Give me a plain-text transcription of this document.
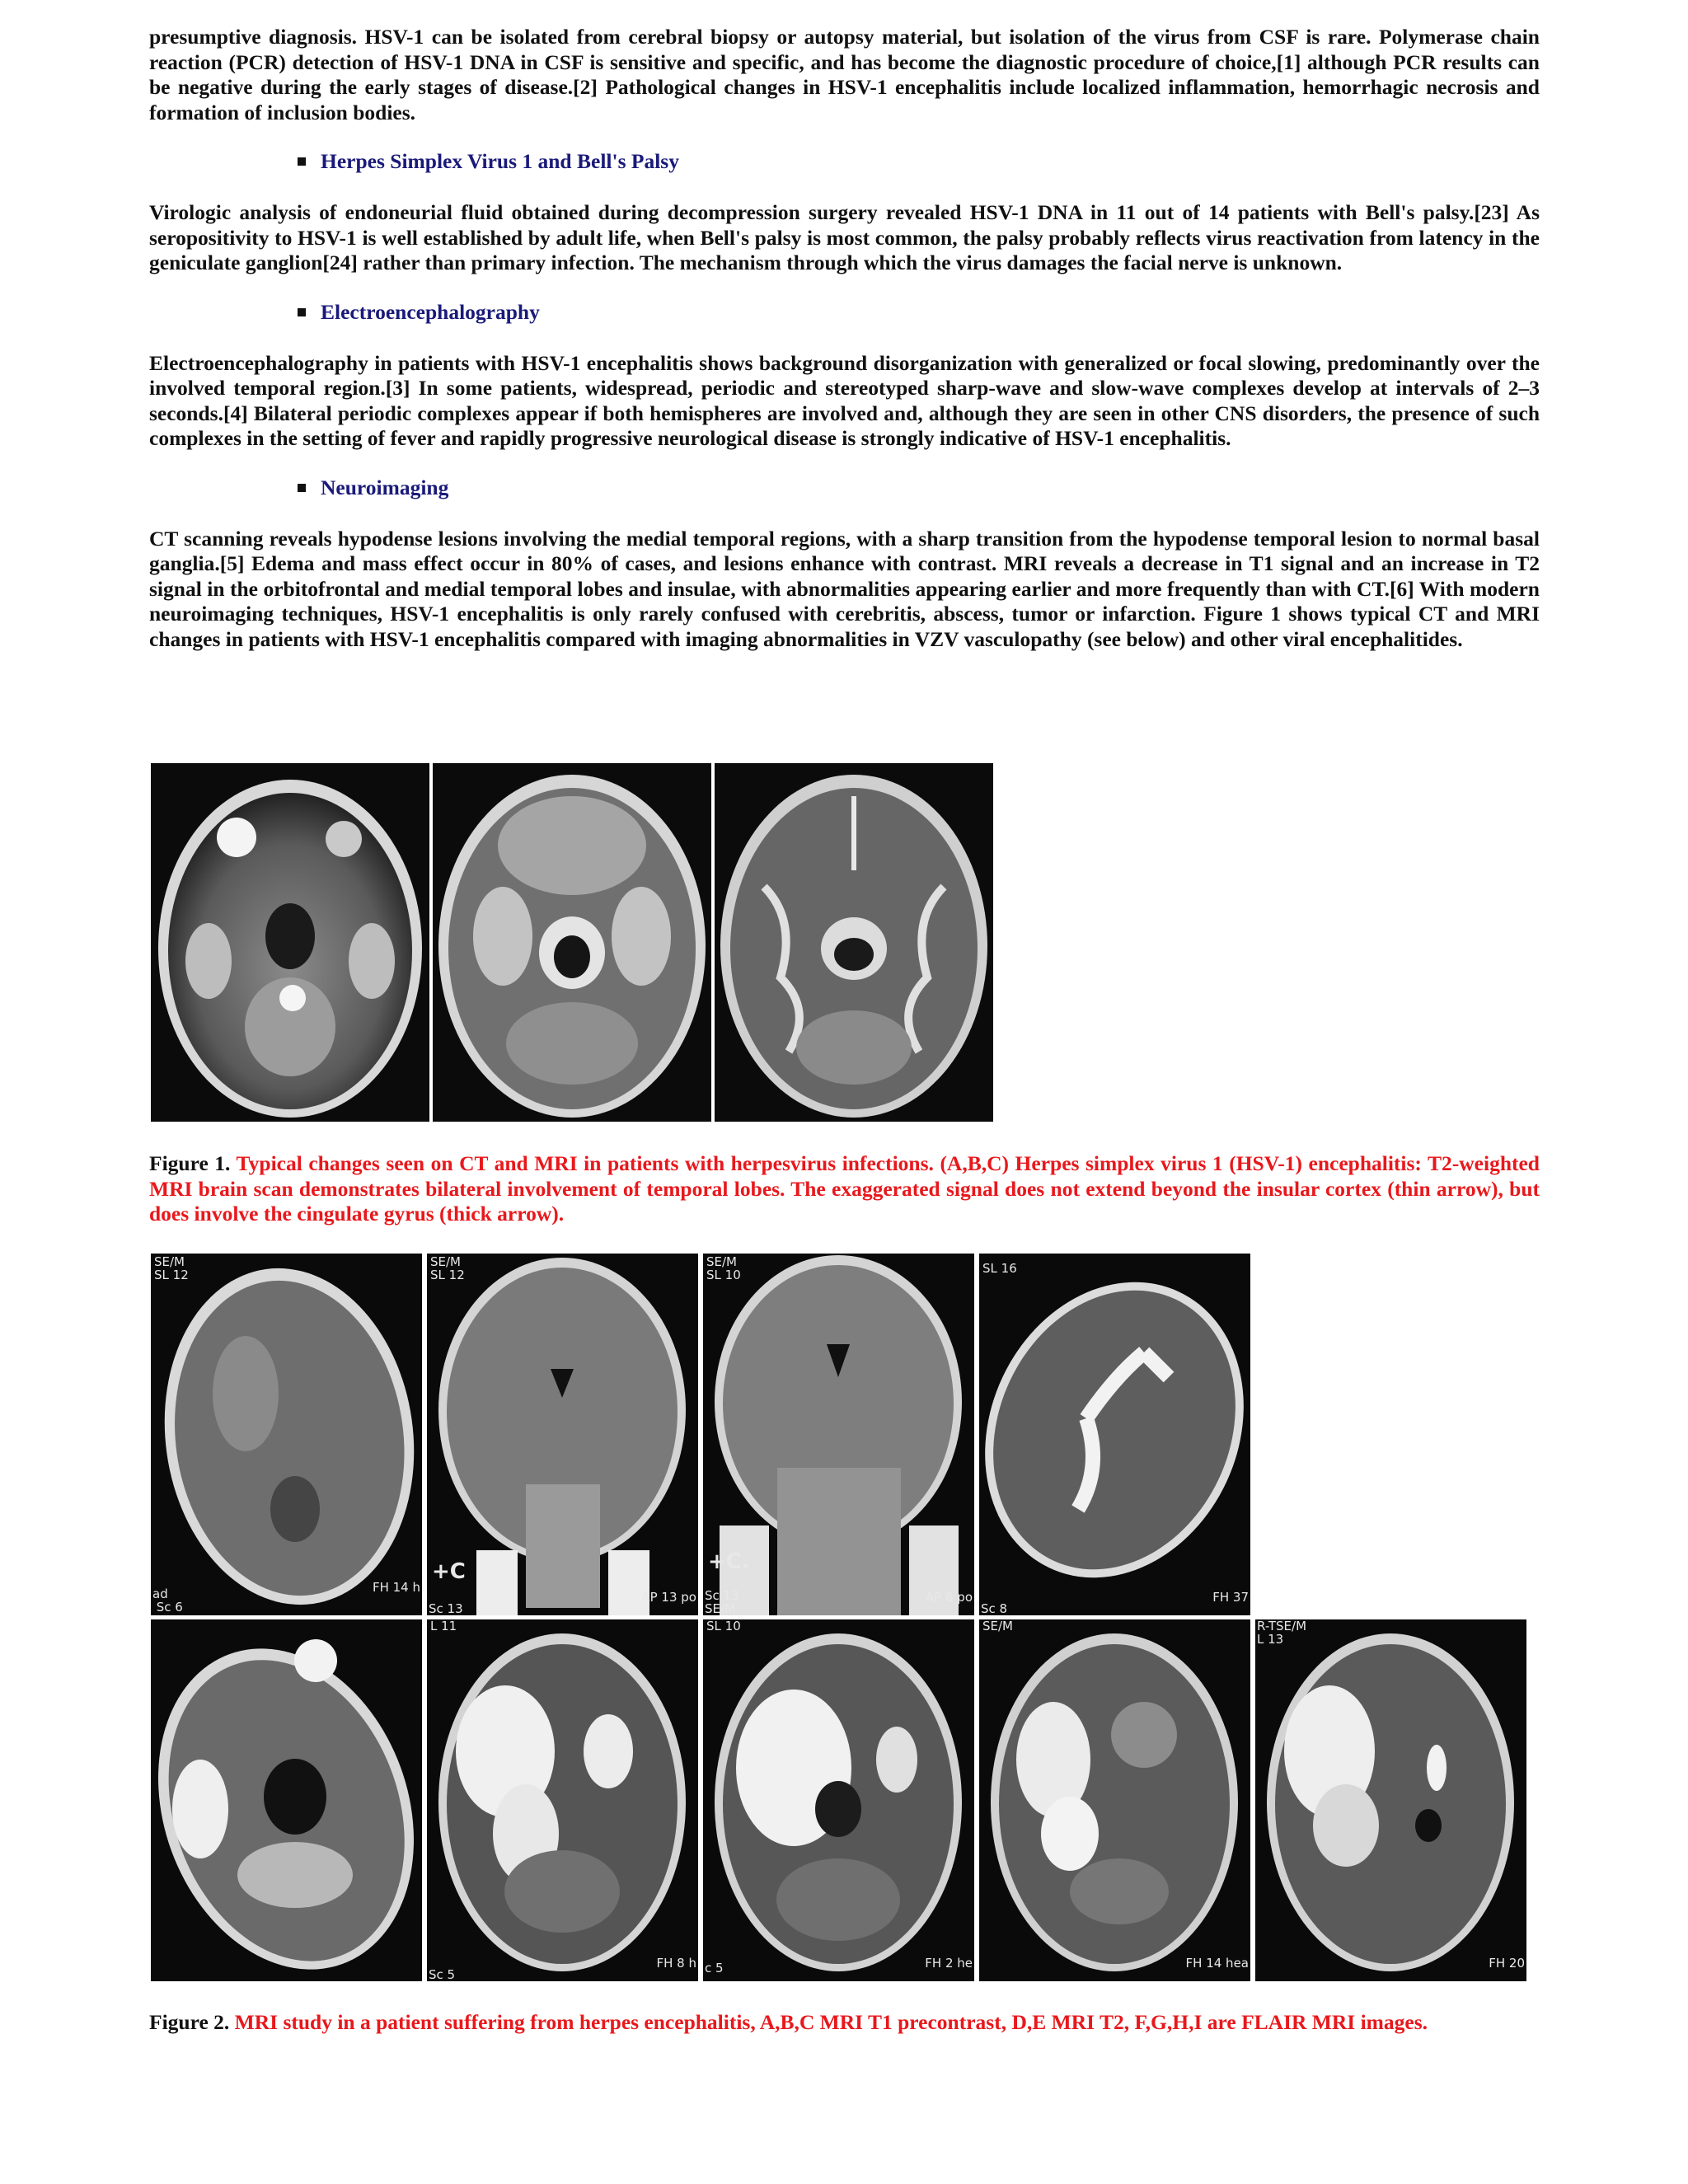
presumptive diagnosis. HSV-1 can be isolated from cerebral biopsy or autopsy material, but isolation of the virus from CSF is rare. Polymerase chain reaction (PCR) detection of HSV-1 DNA in CSF is sensitive and specific, and has become the diagnostic procedure of choice,[1] although PCR results can be negative during the early stages of disease.[2] Pathological changes in HSV-1 encephalitis include localized inflammation, hemorrhagic necrosis and formation of inclusion bodies.

Herpes Simplex Virus 1 and Bell's Palsy

Virologic analysis of endoneurial fluid obtained during decompression surgery revealed HSV-1 DNA in 11 out of 14 patients with Bell's palsy.[23] As seropositivity to HSV-1 is well established by adult life, when Bell's palsy is most common, the palsy probably reflects virus reactivation from latency in the geniculate ganglion[24] rather than primary infection. The mechanism through which the virus damages the facial nerve is unknown.

Electroencephalography

Electroencephalography in patients with HSV-1 encephalitis shows background disorganization with generalized or focal slowing, predominantly over the involved temporal region.[3] In some patients, widespread, periodic and stereotyped sharp-wave and slow-wave complexes develop at intervals of 2–3 seconds.[4] Bilateral periodic complexes appear if both hemispheres are involved and, although they are seen in other CNS disorders, the presence of such complexes in the setting of fever and rapidly progressive neurological disease is strongly indicative of HSV-1 encephalitis.

Neuroimaging

CT scanning reveals hypodense lesions involving the medial temporal regions, with a sharp transition from the hypodense temporal lesion to normal basal ganglia.[5] Edema and mass effect occur in 80% of cases, and lesions enhance with contrast. MRI reveals a decrease in T1 signal and an increase in T2 signal in the orbitofrontal and medial temporal lobes and insulae, with abnormalities appearing earlier and more frequently than with CT.[6] With modern neuroimaging techniques, HSV-1 encephalitis is only rarely confused with cerebritis, abscess, tumor or infarction. Figure 1 shows typical CT and MRI changes in patients with HSV-1 encephalitis compared with imaging abnormalities in VZV vasculopathy (see below) and other viral encephalitides.

Figure 1. Typical changes seen on CT and MRI in patients with herpesvirus infections. (A,B,C) Herpes simplex virus 1 (HSV-1) encephalitis: T2-weighted MRI brain scan demonstrates bilateral involvement of temporal lobes. The exaggerated signal does not extend beyond the insular cortex (thin arrow), but does involve the cingulate gyrus (thick arrow).
SE/M
SL 12
FH 14 h
ad
Sc 6
SE/M
SL 12
+C
AP 13 po
Sc 13
SE/M
SL 10
+C.
AP 8 po
Sc 13
SE/M
SL 16
FH 37
Sc 8
L 11
FH 8 h
Sc 5
SL 10
FH 2 he
c 5
SE/M
FH 14 hea
R-TSE/M
L 13
FH 20
Figure 2. MRI study in a patient suffering from herpes encephalitis, A,B,C MRI T1 precontrast, D,E MRI T2, F,G,H,I are FLAIR MRI images.
